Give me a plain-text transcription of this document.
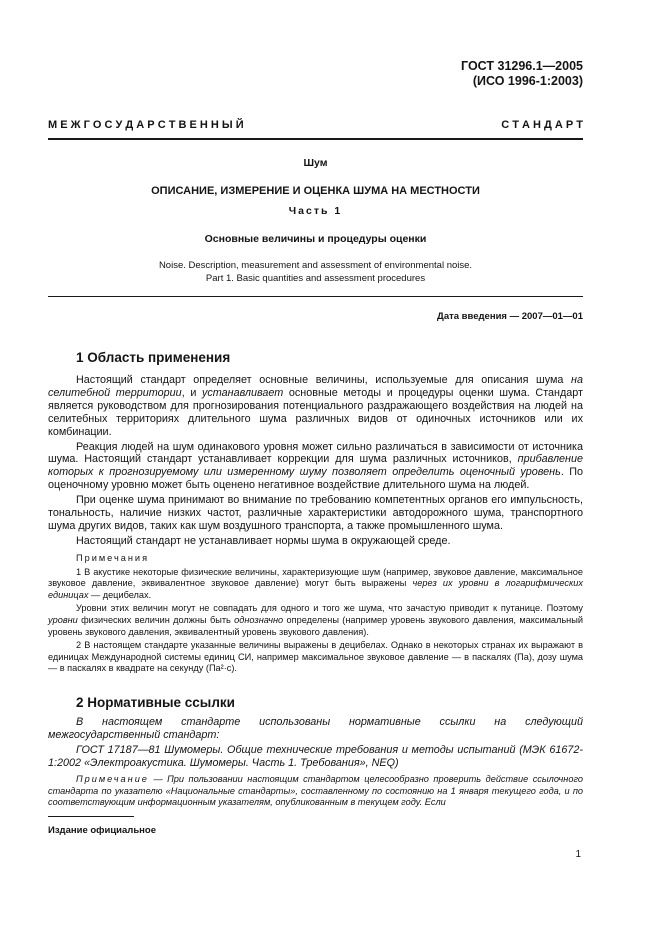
ГОСТ 31296.1—2005
(ИСО 1996-1:2003)
М Е Ж Г О С У Д А Р С Т В Е Н Н Ы Й	С Т А Н Д А Р Т
Шум
ОПИСАНИЕ, ИЗМЕРЕНИЕ И ОЦЕНКА ШУМА НА МЕСТНОСТИ
Часть 1
Основные величины и процедуры оценки
Noise. Description, measurement and assessment of environmental noise.
Part 1. Basic quantities and assessment procedures
Дата введения — 2007—01—01
1 Область применения

Настоящий стандарт определяет основные величины, используемые для описания шума на селитебной территории, и устанавливает основные методы и процедуры оценки шума. Стандарт является руководством для прогнозирования потенциального раздражающего воздействия на людей на селитебных территориях длительного шума различных видов от одиночных источников или их комбинации.

Реакция людей на шум одинакового уровня может сильно различаться в зависимости от источника шума. Настоящий стандарт устанавливает коррекции для шума различных источников, прибавление которых к прогнозируемому или измеренному шуму позволяет определить оценочный уровень. По оценочному уровню может быть оценено негативное воздействие длительного шума на людей.

При оценке шума принимают во внимание по требованию компетентных органов его импульсность, тональность, наличие низких частот, различные характеристики автодорожного шума, транспортного шума других видов, таких как шум воздушного транспорта, а также промышленного шума.

Настоящий стандарт не устанавливает нормы шума в окружающей среде.

Примечания

1 В акустике некоторые физические величины, характеризующие шум (например, звуковое давление, максимальное звуковое давление, эквивалентное звуковое давление) могут быть выражены через их уровни в логарифмических единицах — децибелах.

Уровни этих величин могут не совпадать для одного и того же шума, что зачастую приводит к путанице. Поэтому уровни физических величин должны быть однозначно определены (например уровень звукового давления, максимальный уровень звукового давления, эквивалентный уровень звукового давления).

2 В настоящем стандарте указанные величины выражены в децибелах. Однако в некоторых странах их выражают в единицах Международной системы единиц СИ, например максимальное звуковое давление — в паскалях (Па), дозу шума — в паскалях в квадрате на секунду (Па²·с).

2 Нормативные ссылки

В настоящем стандарте использованы нормативные ссылки на следующий межгосударственный стандарт:

ГОСТ 17187—81 Шумомеры. Общие технические требования и методы испытаний (МЭК 61672-1:2002 «Электроакустика. Шумомеры. Часть 1. Требования», NEQ)

Примечание — При пользовании настоящим стандартом целесообразно проверить действие ссылочного стандарта по указателю «Национальные стандарты», составленному по состоянию на 1 января текущего года, и по соответствующим информационным указателям, опубликованным в текущем году. Если

Издание официальное
1
